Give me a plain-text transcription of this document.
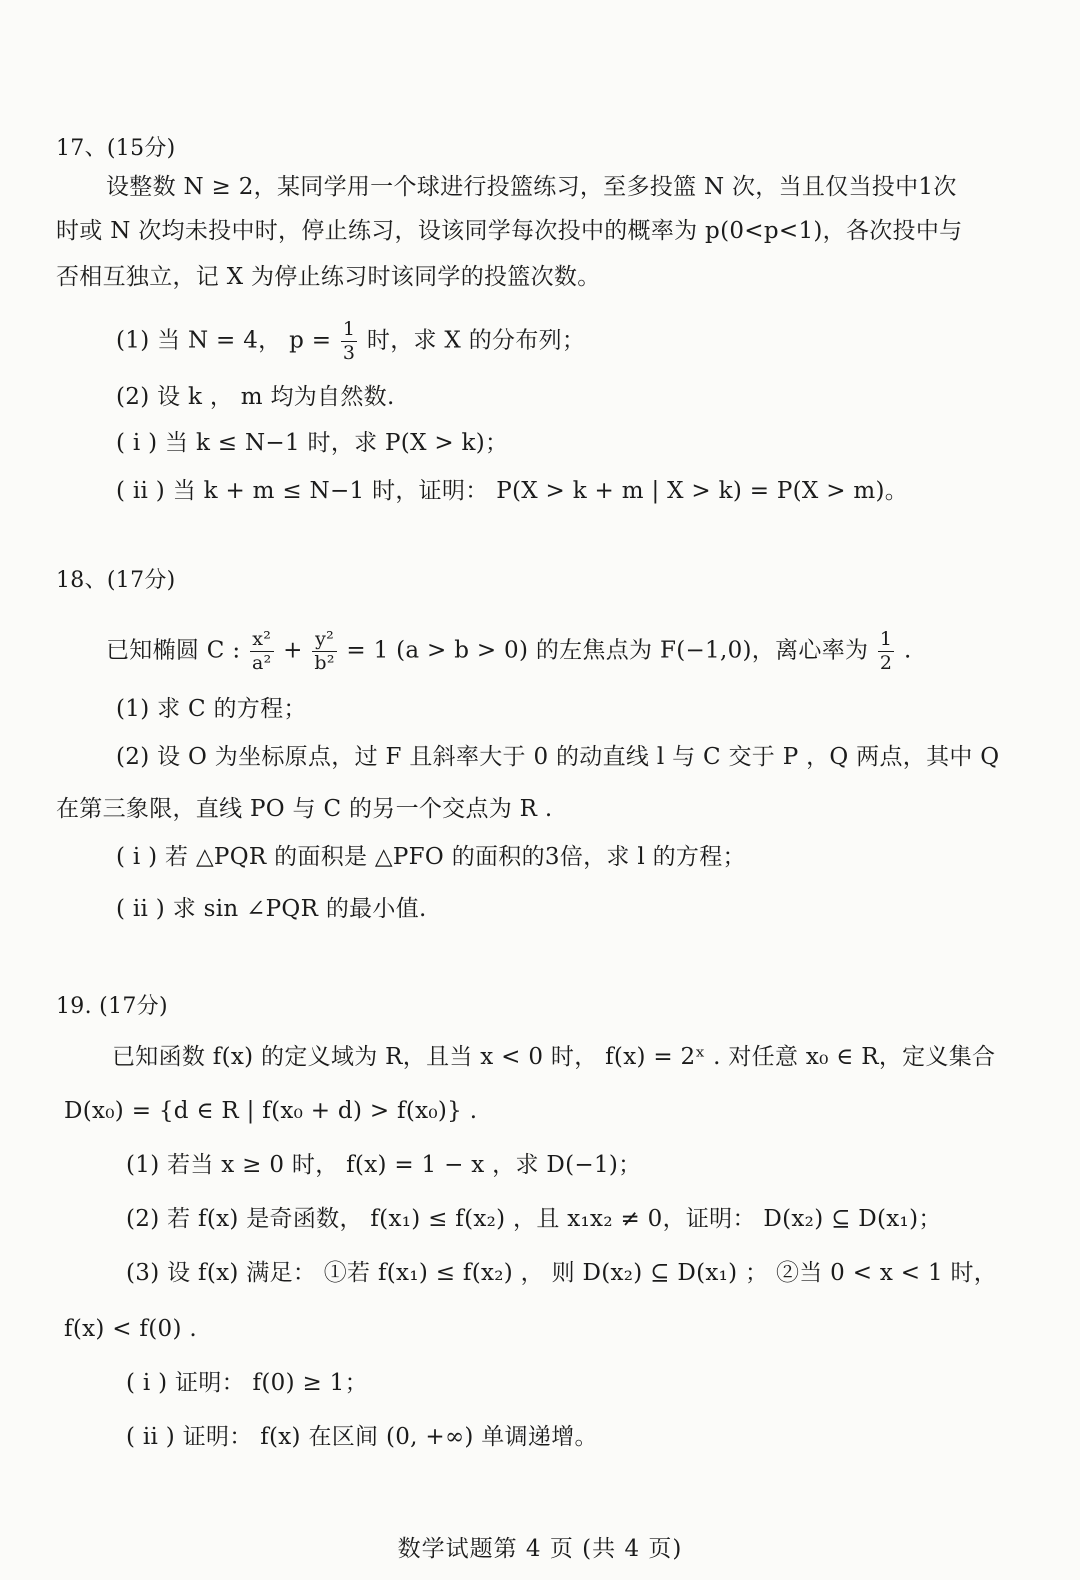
17、(15分)
设整数 N ≥ 2，某同学用一个球进行投篮练习，至多投篮 N 次，当且仅当投中1次
时或 N 次均未投中时，停止练习，设该同学每次投中的概率为 p(0<p<1)，各次投中与
否相互独立，记 X 为停止练习时该同学的投篮次数。
(1) 当 N = 4， $p = \frac{1}{3}$ 时，求 X 的分布列；
(2) 设 k ， m 均为自然数.
( i ) 当 k ≤ N−1 时，求 P(X > k)；
( ii ) 当 k + m ≤ N−1 时，证明： P(X > k + m | X > k) = P(X > m)。
18、(17分)
已知椭圆 C : $\frac{\text{x²}}{\text{a²}} + \frac{\text{y²}}{\text{b²}} = 1$ (a > b > 0) 的左焦点为 F(−1,0)，离心率为 $\frac{1}{2}$ .
(1) 求 C 的方程；
(2) 设 O 为坐标原点，过 F 且斜率大于 0 的动直线 l 与 C 交于 P ，Q 两点，其中 Q
在第三象限，直线 PO 与 C 的另一个交点为 R .
( i ) 若 △PQR 的面积是 △PFO 的面积的3倍，求 l 的方程；
( ii ) 求 sin ∠PQR 的最小值.
19. (17分)
已知函数 f(x) 的定义域为 R，且当 x < 0 时， f(x) = 2ˣ . 对任意 x₀ ∈ R，定义集合
D(x₀) = {d ∈ R | f(x₀ + d) > f(x₀)} .
(1) 若当 x ≥ 0 时， f(x) = 1 − x ，求 D(−1)；
(2) 若 f(x) 是奇函数， f(x₁) ≤ f(x₂) ，且 x₁x₂ ≠ 0，证明： D(x₂) ⊆ D(x₁)；
(3) 设 f(x) 满足： ①若 f(x₁) ≤ f(x₂) ， 则 D(x₂) ⊆ D(x₁) ； ②当 0 < x < 1 时，
f(x) < f(0) .
( i ) 证明： f(0) ≥ 1；
( ii ) 证明： f(x) 在区间 (0, +∞) 单调递增。
数学试题第 4 页 (共 4 页)
